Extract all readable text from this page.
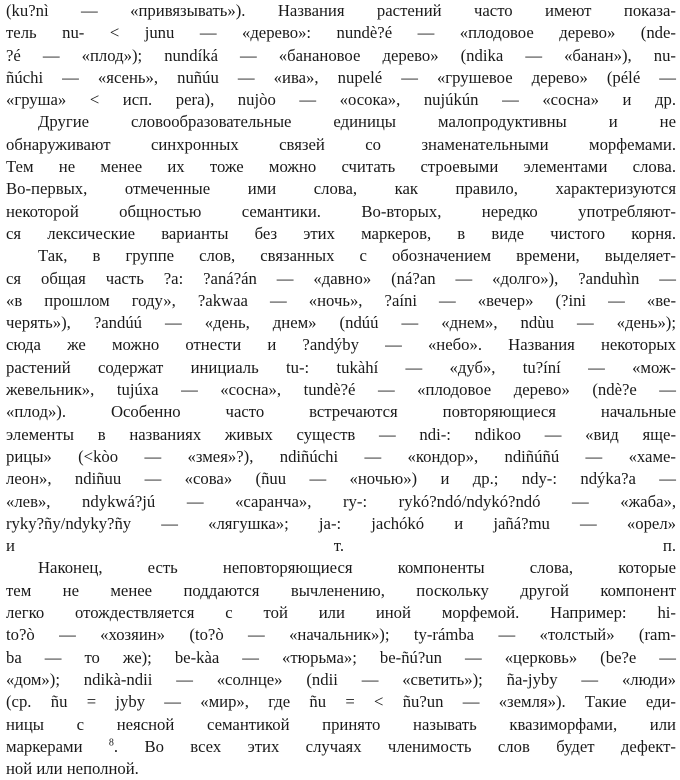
(ku?nì — «привязывать»). Названия растений часто имеют показа-
тель nu- < junu — «дерево»: nundè?é — «плодовое дерево» (nde-
?é — «плод»); nundíká — «банановое дерево» (ndika — «банан»), nu-
ñúchi — «ясень», nuñúu — «ива», nupelé — «грушевое дерево» (pélé —
«груша» < исп. pera), nujòo — «осока», nujúkún — «сосна» и др.
Другие словообразовательные единицы малопродуктивны и не
обнаруживают синхронных связей со знаменательными морфемами.
Тем не менее их тоже можно считать строевыми элементами слова.
Во-первых, отмеченные ими слова, как правило, характеризуются
некоторой общностью семантики. Во-вторых, нередко употребляют-
ся лексические варианты без этих маркеров, в виде чистого корня.
Так, в группе слов, связанных с обозначением времени, выделяет-
ся общая часть ?a: ?aná?án — «давно» (ná?an — «долго»), ?anduhìn —
«в прошлом году», ?akwaa — «ночь», ?aíni — «вечер» (?ini — «ве-
черять»), ?andúú — «день, днем» (ndúú — «днем», ndùu — «день»);
сюда же можно отнести и ?andýby — «небо». Названия некоторых
растений содержат инициаль tu-: tukàhí — «дуб», tu?íní — «мож-
жевельник», tujúxa — «сосна», tundè?é — «плодовое дерево» (ndè?e —
«плод»). Особенно часто встречаются повторяющиеся начальные
элементы в названиях живых существ — ndi-: ndikoo — «вид яще-
рицы» (<kòo — «змея»?), ndiñúchi — «кондор», ndiñúñú — «хаме-
леон», ndiñuu — «сова» (ñuu — «ночью») и др.; ndy-: ndýka?a —
«лев», ndykwá?jú — «саранча», ry-: rykó?ndó/ndykó?ndó — «жаба»,
ryky?ñy/ndyky?ñy — «лягушка»; ja-: jachókó и jañá?mu — «орел»
и т. п.
Наконец, есть неповторяющиеся компоненты слова, которые
тем не менее поддаются вычленению, поскольку другой компонент
легко отождествляется с той или иной морфемой. Например: hi-
to?ò — «хозяин» (to?ò — «начальник»); ty-rámba — «толстый» (ram-
ba — то же); be-kàa — «тюрьма»; be-ñú?un — «церковь» (be?e —
«дом»); ndikà-ndii — «солнце» (ndii — «светить»); ña-jyby — «люди»
(ср. ñu = jyby — «мир», где ñu = < ñu?un — «земля»). Такие еди-
ницы с неясной семантикой принято называть квазиморфами, или
маркерами $^8$. Во всех этих случаях членимость слов будет дефект-
ной или неполной.
